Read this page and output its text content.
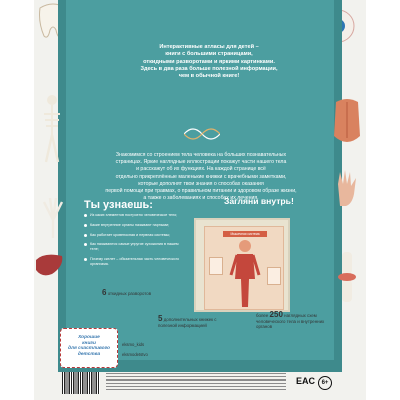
Интерактивные атласы для детей –
книги с большими страницами,
откидными разворотами и яркими картинками.
Здесь в два раза больше полезной информации,
чем в обычной книге!
Знакомимся со строением тела человека на больших познавательных
страницах. Яркие наглядные иллюстрации покажут части нашего тела
и расскажут об их функциях. На каждой странице всё
отдельно прикреплённые маленькие книжки с врачебными заметками,
которые дополнят твои знания о способах оказания
первой помощи при травмах, о правильном питании и здоровом образе жизни,
а также о заболеваниях и способах их лечения.
Ты узнаешь:	Загляни внутрь!
Из каких элементов построено человеческое тело;
Какие внутренние органы называют парными;
Как работает кровеносная и нервная системы;
Как называются самые упругие сухожилия в нашем теле;
Почему скелет – обязательная часть человеческого организма.
Мышечная система
6 откидных разворотов
5 дополнительных книжек с полезной информацией
более 250 наглядных схем человеческого тела и внутренних органов
Хорошие
книги
для счастливого
детства
eksmo_kids
eksmodetstvo
EAC	6+
